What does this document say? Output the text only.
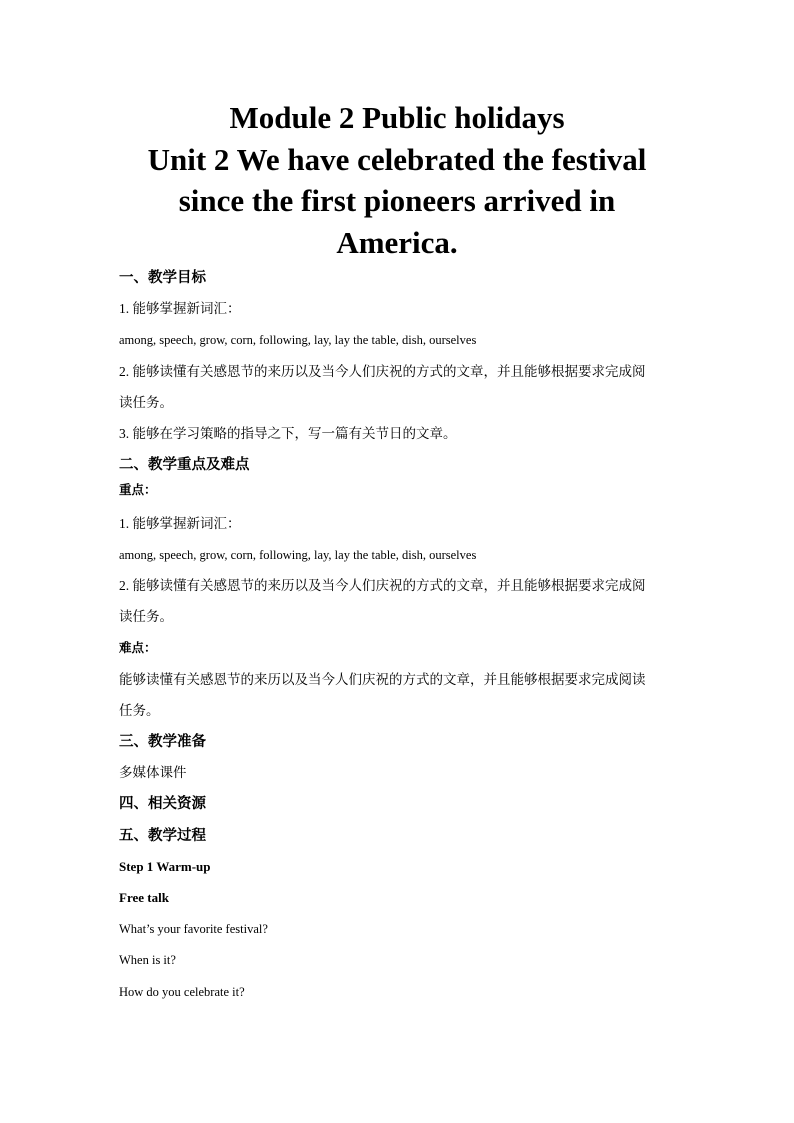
Module 2 Public holidays
Unit 2 We have celebrated the festival
since the first pioneers arrived in
America.

一、教学目标

1. 能够掌握新词汇：

among, speech, grow, corn, following, lay, lay the table, dish, ourselves

2. 能够读懂有关感恩节的来历以及当今人们庆祝的方式的文章，并且能够根据要求完成阅

读任务。

3. 能够在学习策略的指导之下，写一篇有关节日的文章。

二、教学重点及难点

重点：

1. 能够掌握新词汇：

among, speech, grow, corn, following, lay, lay the table, dish, ourselves

2. 能够读懂有关感恩节的来历以及当今人们庆祝的方式的文章，并且能够根据要求完成阅

读任务。

难点：

能够读懂有关感恩节的来历以及当今人们庆祝的方式的文章，并且能够根据要求完成阅读

任务。

三、教学准备

多媒体课件

四、相关资源

五、教学过程

Step 1 Warm-up

Free talk

What’s your favorite festival?

When is it?

How do you celebrate it?
